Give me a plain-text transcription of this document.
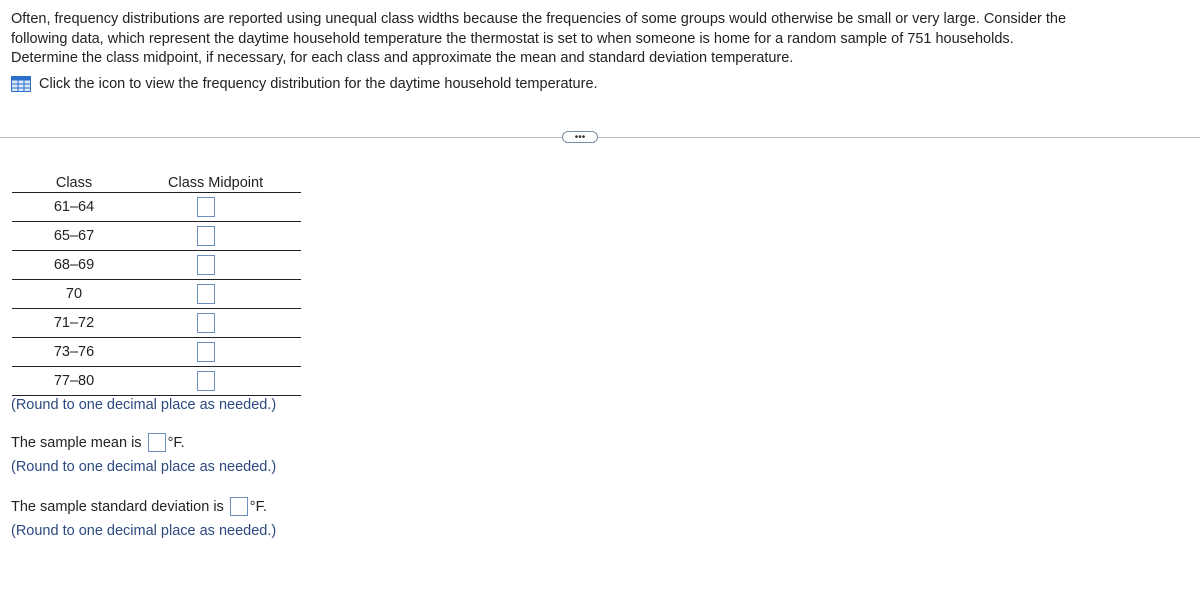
Often, frequency distributions are reported using unequal class widths because the frequencies of some groups would otherwise be small or very large. Consider the

following data, which represent the daytime household temperature the thermostat is set to when someone is home for a random sample of 751 households.

Determine the class midpoint, if necessary, for each class and approximate the mean and standard deviation temperature.

Click the icon to view the frequency distribution for the daytime household temperature.
•••
Class	Class Midpoint
61–64
65–67
68–69
70
71–72
73–76
77–80
(Round to one decimal place as needed.)
The sample mean is °F.
(Round to one decimal place as needed.)
The sample standard deviation is °F.
(Round to one decimal place as needed.)
